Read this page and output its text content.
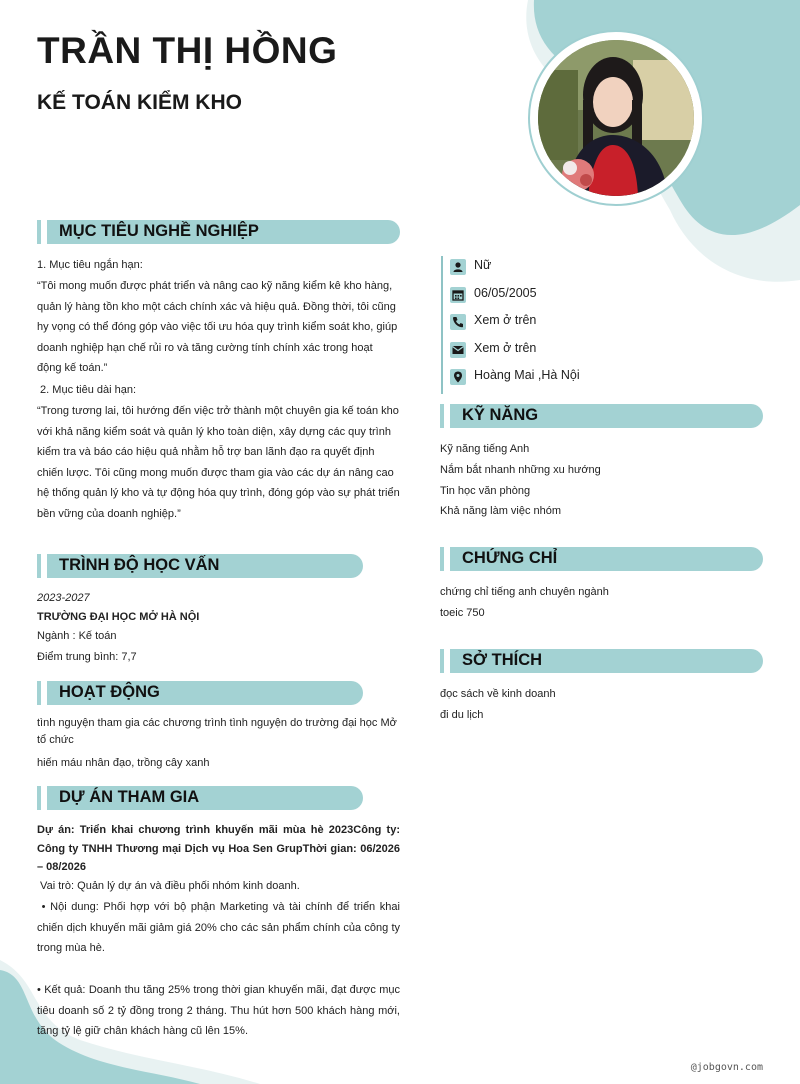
TRẦN THỊ HỒNG
KẾ TOÁN KIỂM KHO
MỤC TIÊU NGHỀ NGHIỆP

1. Mục tiêu ngắn hạn:

“Tôi mong muốn được phát triển và nâng cao kỹ năng kiểm kê kho hàng, quản lý hàng tồn kho một cách chính xác và hiệu quả. Đồng thời, tôi cũng hy vọng có thể đóng góp vào việc tối ưu hóa quy trình kiểm soát kho, giúp doanh nghiệp hạn chế rủi ro và tăng cường tính chính xác trong hoạt động kế toán.”

2. Mục tiêu dài hạn:

“Trong tương lai, tôi hướng đến việc trở thành một chuyên gia kế toán kho với khả năng kiểm soát và quản lý kho toàn diện, xây dựng các quy trình kiểm tra và báo cáo hiệu quả nhằm hỗ trợ ban lãnh đạo ra quyết định chiến lược. Tôi cũng mong muốn được tham gia vào các dự án nâng cao hệ thống quản lý kho và tự động hóa quy trình, đóng góp vào sự phát triển bền vững của doanh nghiệp.”

TRÌNH ĐỘ HỌC VẤN

2023-2027

TRƯỜNG ĐẠI HỌC MỞ HÀ NỘI

Ngành : Kế toán

Điểm trung bình: 7,7

HOẠT ĐỘNG

tình nguyện tham gia các chương trình tình nguyện do trường đại học Mở tổ chức

hiến máu nhân đạo, trồng cây xanh

DỰ ÁN THAM GIA

Dự án: Triển khai chương trình khuyến mãi mùa hè 2023Công ty: Công ty TNHH Thương mại Dịch vụ Hoa Sen GrupThời gian: 06/2026 – 08/2026

Vai trò: Quản lý dự án và điều phối nhóm kinh doanh.

• Nội dung: Phối hợp với bộ phận Marketing và tài chính để triển khai chiến dịch khuyến mãi giảm giá 20% cho các sản phẩm chính của công ty trong mùa hè.

• Kết quả: Doanh thu tăng 25% trong thời gian khuyến mãi, đạt được mục tiêu doanh số 2 tỷ đồng trong 2 tháng. Thu hút hơn 500 khách hàng mới, tăng tỷ lệ giữ chân khách hàng cũ lên 15%.

Nữ
06/05/2005
Xem ở trên
Xem ở trên
Hoàng Mai ,Hà Nội
KỸ NĂNG
Kỹ năng tiếng Anh
Nắm bắt nhanh những xu hướng
Tin học văn phòng
Khả năng làm việc nhóm
CHỨNG CHỈ
chứng chỉ tiếng anh chuyên ngành
toeic 750
SỞ THÍCH
đọc sách về kinh doanh
đi du lịch
@jobgovn.com
